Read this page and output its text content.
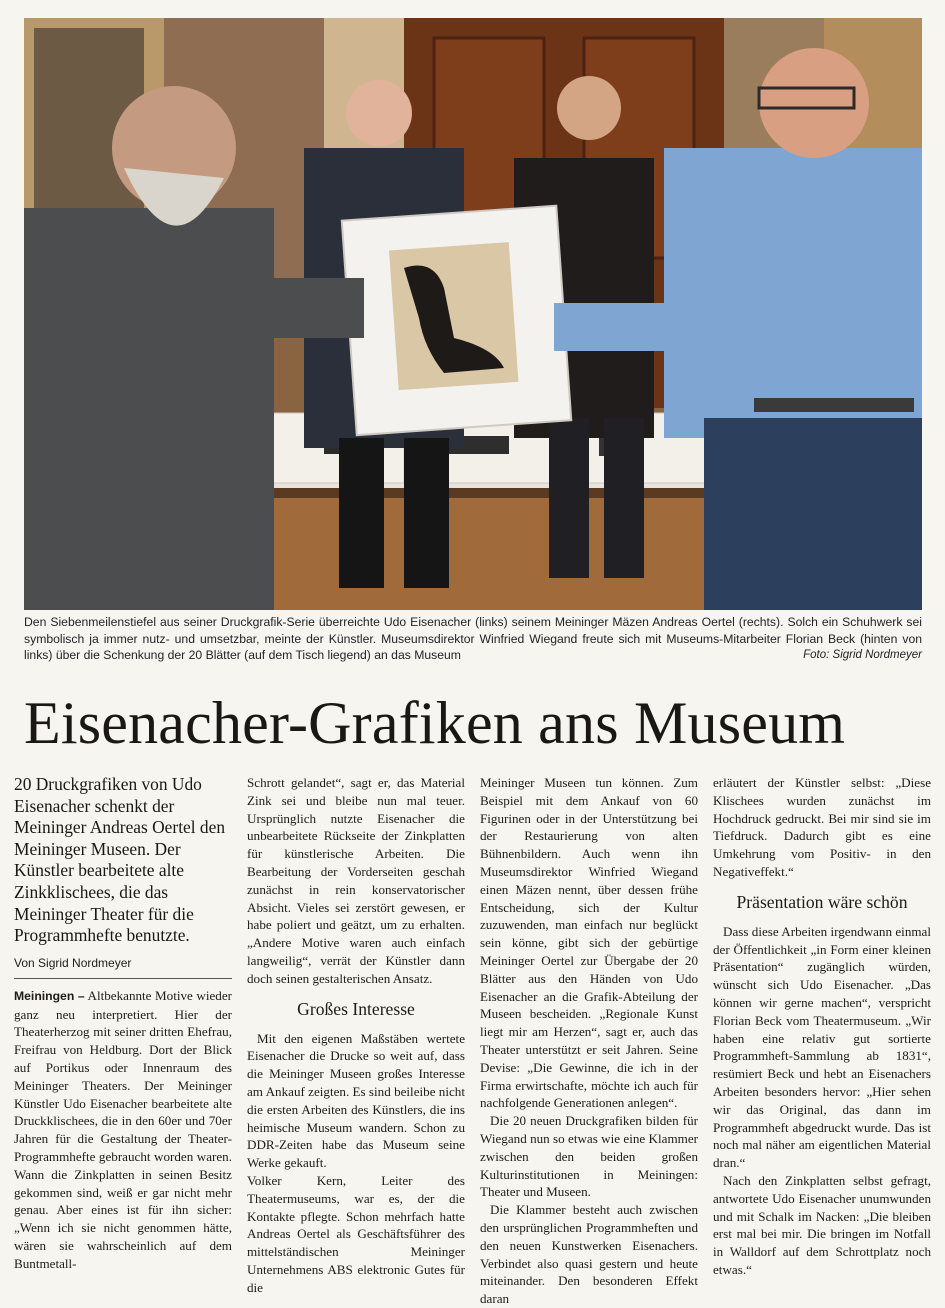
Den Siebenmeilenstiefel aus seiner Druckgrafik-Serie überreichte Udo Eisenacher (links) seinem Meininger Mäzen Andreas Oertel (rechts). Solch ein Schuhwerk sei symbolisch ja immer nutz- und umsetzbar, meinte der Künstler. Museumsdirektor Winfried Wiegand freute sich mit Museums-Mitarbeiter Florian Beck (hinten von links) über die Schenkung der 20 Blätter (auf dem Tisch liegend) an das Museum	Foto: Sigrid Nordmeyer
Eisenacher-Grafiken ans Museum
20 Druckgrafiken von Udo Eisenacher schenkt der Meininger Andreas Oertel den Meininger Museen. Der Künstler bearbeitete alte Zinkklischees, die das Meininger Theater für die Programmhefte benutzte.
Von Sigrid Nordmeyer

Meiningen – Altbekannte Motive wieder ganz neu interpretiert. Hier der Theaterherzog mit seiner dritten Ehefrau, Freifrau von Heldburg. Dort der Blick auf Portikus oder Innenraum des Meininger Theaters. Der Meininger Künstler Udo Eisenacher bearbeitete alte Druckklischees, die in den 60er und 70er Jahren für die Gestaltung der Theater-Programmhefte gebraucht worden waren. Wann die Zinkplatten in seinen Besitz gekommen sind, weiß er gar nicht mehr genau. Aber eines ist für ihn sicher: „Wenn ich sie nicht genommen hätte, wären sie wahrscheinlich auf dem Buntmetall-

Schrott gelandet“, sagt er, das Material Zink sei und bleibe nun mal teuer. Ursprünglich nutzte Eisenacher die unbearbeitete Rückseite der Zinkplatten für künstlerische Arbeiten. Die Bearbeitung der Vorderseiten geschah zunächst in rein konservatorischer Absicht. Vieles sei zerstört gewesen, er habe poliert und geätzt, um zu erhalten. „Andere Motive waren auch einfach langweilig“, verrät der Künstler dann doch seinen gestalterischen Ansatz.

Großes Interesse

Mit den eigenen Maßstäben wertete Eisenacher die Drucke so weit auf, dass die Meininger Museen großes Interesse am Ankauf zeigten. Es sind beileibe nicht die ersten Arbeiten des Künstlers, die ins heimische Museum wandern. Schon zu DDR-Zeiten habe das Museum seine Werke gekauft.

Volker Kern, Leiter des Theatermuseums, war es, der die Kontakte pflegte. Schon mehrfach hatte Andreas Oertel als Geschäftsführer des mittelständischen Meininger Unternehmens ABS elektronic Gutes für die

Meininger Museen tun können. Zum Beispiel mit dem Ankauf von 60 Figurinen oder in der Unterstützung bei der Restaurierung von alten Bühnenbildern. Auch wenn ihn Museumsdirektor Winfried Wiegand einen Mäzen nennt, über dessen frühe Entscheidung, sich der Kultur zuzuwenden, man einfach nur beglückt sein könne, gibt sich der gebürtige Meininger Oertel zur Übergabe der 20 Blätter aus den Händen von Udo Eisenacher an die Grafik-Abteilung der Museen bescheiden. „Regionale Kunst liegt mir am Herzen“, sagt er, auch das Theater unterstützt er seit Jahren. Seine Devise: „Die Gewinne, die ich in der Firma erwirtschafte, möchte ich auch für nachfolgende Generationen anlegen“.

Die 20 neuen Druckgrafiken bilden für Wiegand nun so etwas wie eine Klammer zwischen den beiden großen Kulturinstitutionen in Meiningen: Theater und Museen.

Die Klammer besteht auch zwischen den ursprünglichen Programmheften und den neuen Kunstwerken Eisenachers. Verbindet also quasi gestern und heute miteinander. Den besonderen Effekt daran

erläutert der Künstler selbst: „Diese Klischees wurden zunächst im Hochdruck gedruckt. Bei mir sind sie im Tiefdruck. Dadurch gibt es eine Umkehrung vom Positiv- in den Negativeffekt.“

Präsentation wäre schön

Dass diese Arbeiten irgendwann einmal der Öffentlichkeit „in Form einer kleinen Präsentation“ zugänglich würden, wünscht sich Udo Eisenacher. „Das können wir gerne machen“, verspricht Florian Beck vom Theatermuseum. „Wir haben eine relativ gut sortierte Programmheft-Sammlung ab 1831“, resümiert Beck und hebt an Eisenachers Arbeiten besonders hervor: „Hier sehen wir das Original, das dann im Programmheft abgedruckt wurde. Das ist noch mal näher am eigentlichen Material dran.“

Nach den Zinkplatten selbst gefragt, antwortete Udo Eisenacher unumwunden und mit Schalk im Nacken: „Die bleiben erst mal bei mir. Die bringen im Notfall in Walldorf auf dem Schrottplatz noch etwas.“
